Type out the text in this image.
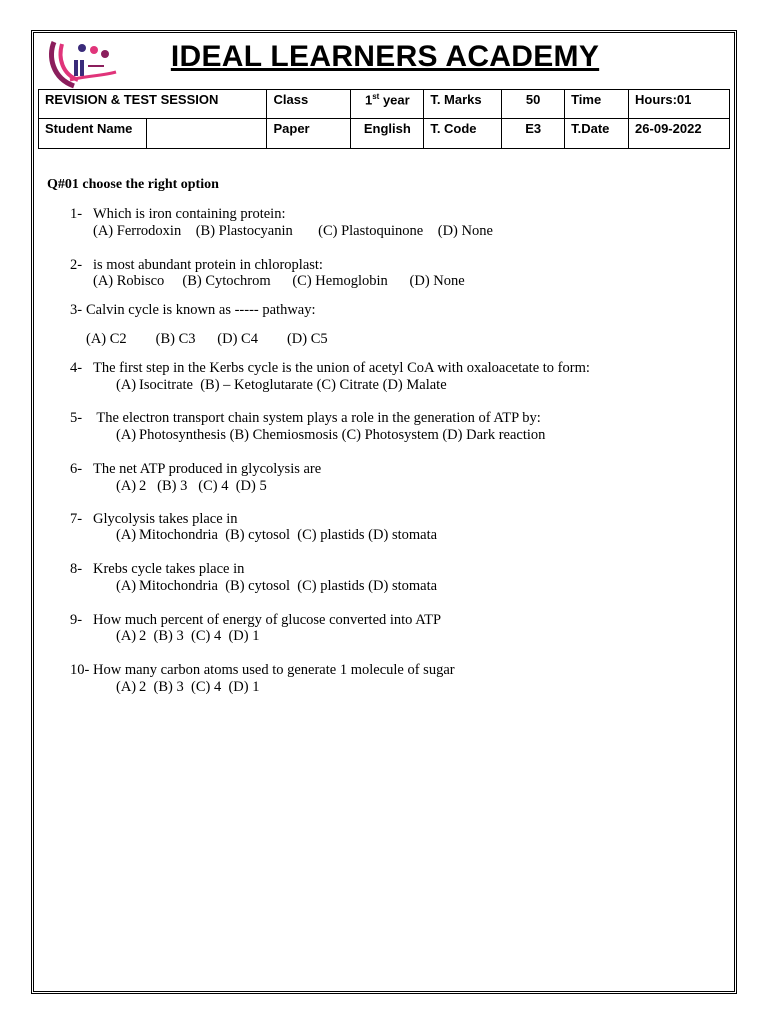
IDEAL LEARNERS ACADEMY
REVISION & TEST SESSION		Class	1st year	T. Marks	50	Time	Hours:01
Student Name		Paper	English	T. Code	E3	T.Date	26-09-2022
Q#01 choose the right option
1- Which is iron containing protein:
(A) Ferrodoxin    (B) Plastocyanin       (C) Plastoquinone    (D) None
2- is most abundant protein in chloroplast:
(A) Robisco     (B) Cytochrom      (C) Hemoglobin      (D) None
3- Calvin cycle is known as ----- pathway:
(A) C2        (B) C3      (D) C4        (D) C5
4- The first step in the Kerbs cycle is the union of acetyl CoA with oxaloacetate to form:
(A) Isocitrate  (B) – Ketoglutarate (C) Citrate (D) Malate
5- The electron transport chain system plays a role in the generation of ATP by:
(A) Photosynthesis (B) Chemiosmosis (C) Photosystem (D) Dark reaction
6- The net ATP produced in glycolysis are
(A) 2   (B) 3   (C) 4  (D) 5
7- Glycolysis takes place in
(A) Mitochondria  (B) cytosol  (C) plastids (D) stomata
8- Krebs cycle takes place in
(A) Mitochondria  (B) cytosol  (C) plastids (D) stomata
9- How much percent of energy of glucose converted into ATP
(A) 2  (B) 3  (C) 4  (D) 1
10- How many carbon atoms used to generate 1 molecule of sugar
(A) 2  (B) 3  (C) 4  (D) 1
